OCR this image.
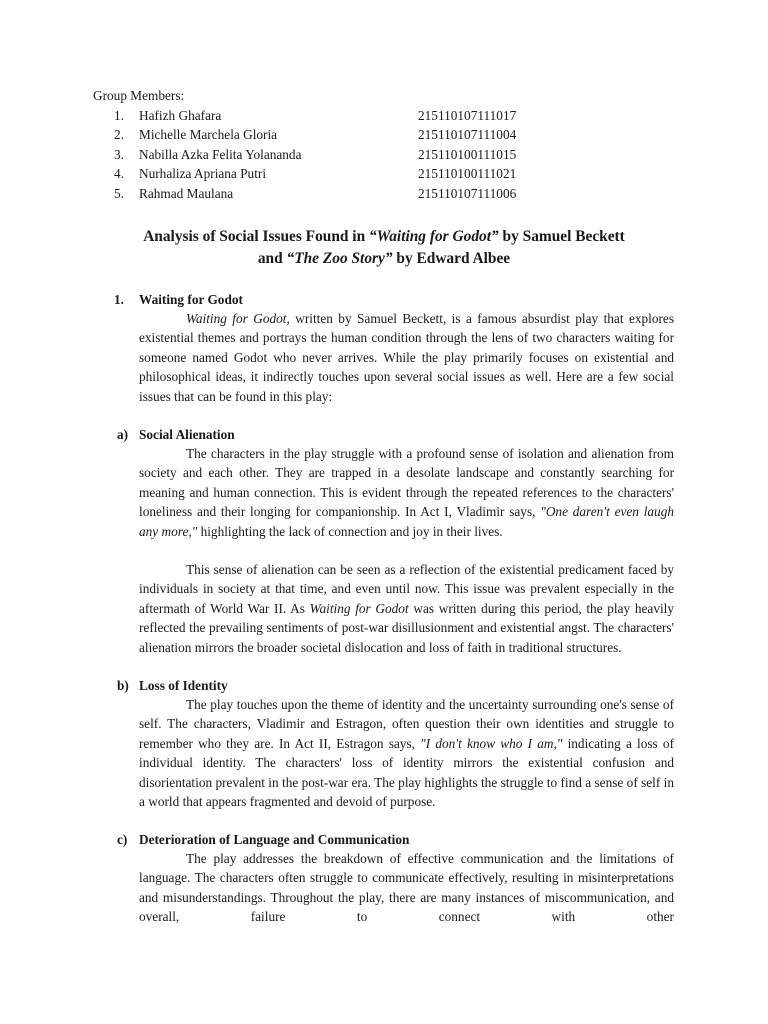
Group Members:
1. Hafizh Ghafara	215110107111017
2. Michelle Marchela Gloria	215110107111004
3. Nabilla Azka Felita Yolananda	215110100111015
4. Nurhaliza Apriana Putri	215110100111021
5. Rahmad Maulana	215110107111006
Analysis of Social Issues Found in “Waiting for Godot” by Samuel Beckett
and “The Zoo Story” by Edward Albee
1. Waiting for Godot
Waiting for Godot, written by Samuel Beckett, is a famous absurdist play that explores existential themes and portrays the human condition through the lens of two characters waiting for someone named Godot who never arrives. While the play primarily focuses on existential and philosophical ideas, it indirectly touches upon several social issues as well. Here are a few social issues that can be found in this play:
a) Social Alienation
The characters in the play struggle with a profound sense of isolation and alienation from society and each other. They are trapped in a desolate landscape and constantly searching for meaning and human connection. This is evident through the repeated references to the characters' loneliness and their longing for companionship. In Act I, Vladimir says, "One daren't even laugh any more," highlighting the lack of connection and joy in their lives.
This sense of alienation can be seen as a reflection of the existential predicament faced by individuals in society at that time, and even until now. This issue was prevalent especially in the aftermath of World War II. As Waiting for Godot was written during this period, the play heavily reflected the prevailing sentiments of post-war disillusionment and existential angst. The characters' alienation mirrors the broader societal dislocation and loss of faith in traditional structures.
b) Loss of Identity
The play touches upon the theme of identity and the uncertainty surrounding one's sense of self. The characters, Vladimir and Estragon, often question their own identities and struggle to remember who they are. In Act II, Estragon says, "I don't know who I am," indicating a loss of individual identity. The characters' loss of identity mirrors the existential confusion and disorientation prevalent in the post-war era. The play highlights the struggle to find a sense of self in a world that appears fragmented and devoid of purpose.
c) Deterioration of Language and Communication
The play addresses the breakdown of effective communication and the limitations of language. The characters often struggle to communicate effectively, resulting in misinterpretations and misunderstandings. Throughout the play, there are many instances of miscommunication, and overall, failure to connect with other
